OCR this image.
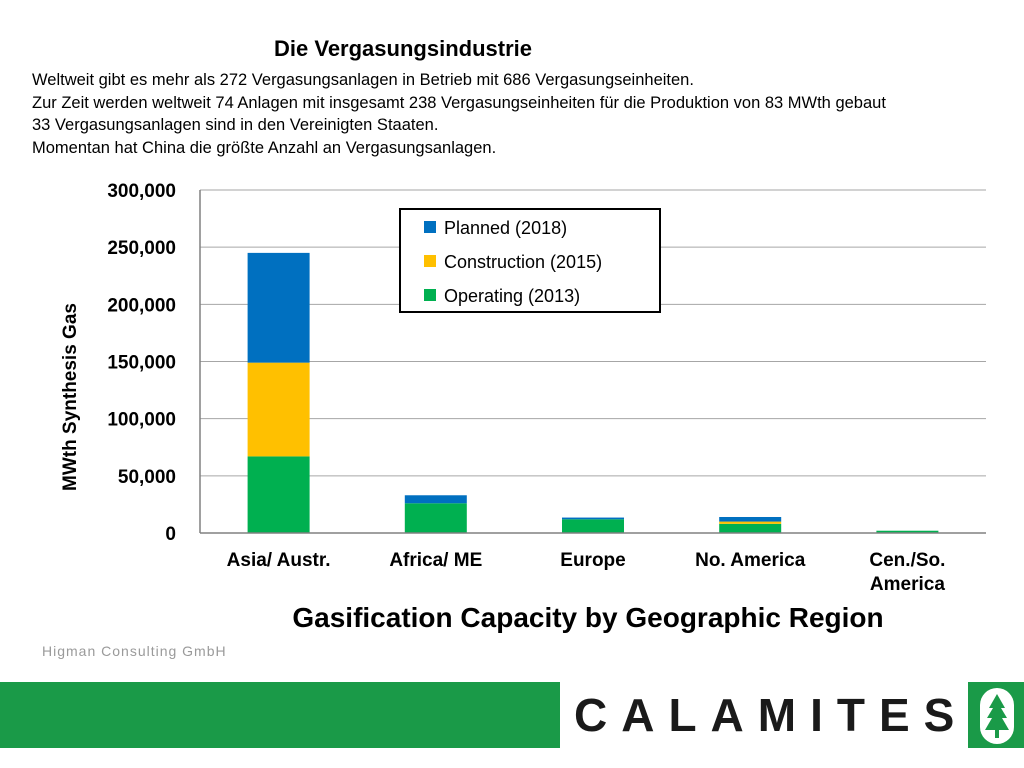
Die Vergasungsindustrie
Weltweit gibt es mehr als 272 Vergasungsanlagen in Betrieb mit 686 Vergasungseinheiten.
Zur Zeit werden weltweit 74 Anlagen mit insgesamt 238 Vergasungseinheiten für die Produktion von 83 MWth gebaut
33 Vergasungsanlagen sind in den Vereinigten Staaten.
Momentan hat China die größte Anzahl an Vergasungsanlagen.
0
50,000
100,000
150,000
200,000
250,000
300,000
Asia/ Austr.	Africa/ ME	Europe	No. America	Cen./So.
America
Planned (2018)
Construction (2015)
Operating (2013)
MWth Synthesis Gas
Gasification Capacity by Geographic Region
Higman Consulting GmbH
CALAMITES
